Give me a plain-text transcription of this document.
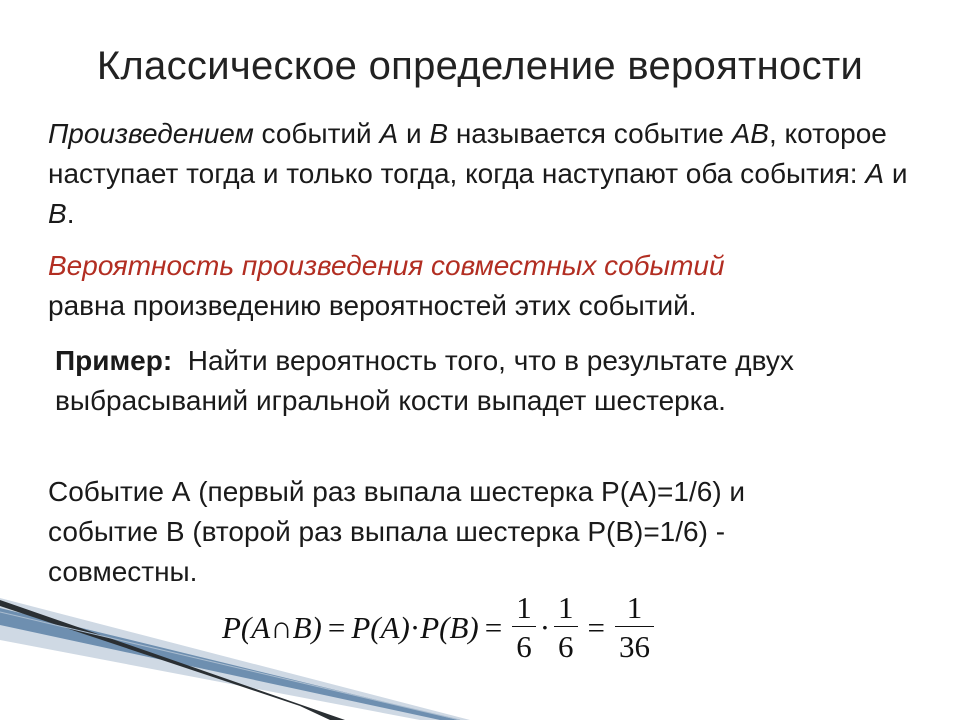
Классическое определение вероятности
Произведением событий A и B называется событие AB, которое наступает тогда и только тогда, когда наступают оба события: A и B.
Вероятность произведения совместных событий
равна произведению вероятностей этих событий.
Пример: Найти вероятность того, что в результате двух выбрасываний игральной кости выпадет шестерка.
Событие А (первый раз выпала шестерка Р(А)=1/6) и
событие В (второй раз выпала шестерка Р(В)=1/6) -
совместны.
P(A∩B) = $P(A) \cdot P(B) = \frac{1}{6} \cdot \frac{1}{6} = \frac{1}{36}$
